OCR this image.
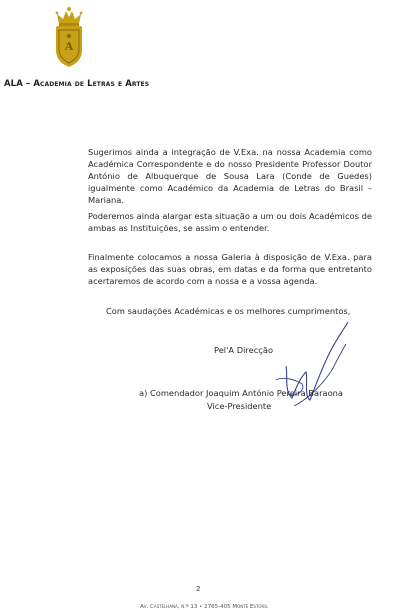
A
ALA – Academia de Letras e Artes

Sugerimos ainda a integração de V.Exa. na nossa Academia como Académica Correspondente e do nosso Presidente Professor Doutor António de Albuquerque de Sousa Lara (Conde de Guedes) igualmente como Académico da Academia de Letras do Brasil – Mariana.

Poderemos ainda alargar esta situação a um ou dois Académicos de ambas as Instituições, se assim o entender.

Finalmente colocamos a nossa Galeria à disposição de V.Exa. para as exposições das suas obras, em datas e da forma que entretanto acertaremos de acordo com a nossa e a vossa agenda.

Com saudações Académicas e os melhores cumprimentos,

Pel'A Direcção
a) Comendador Joaquim António Pereira Baraona
Vice-Presidente
2
Av. Castelhana, n.º 13 • 2765-405 Monte Estoril
